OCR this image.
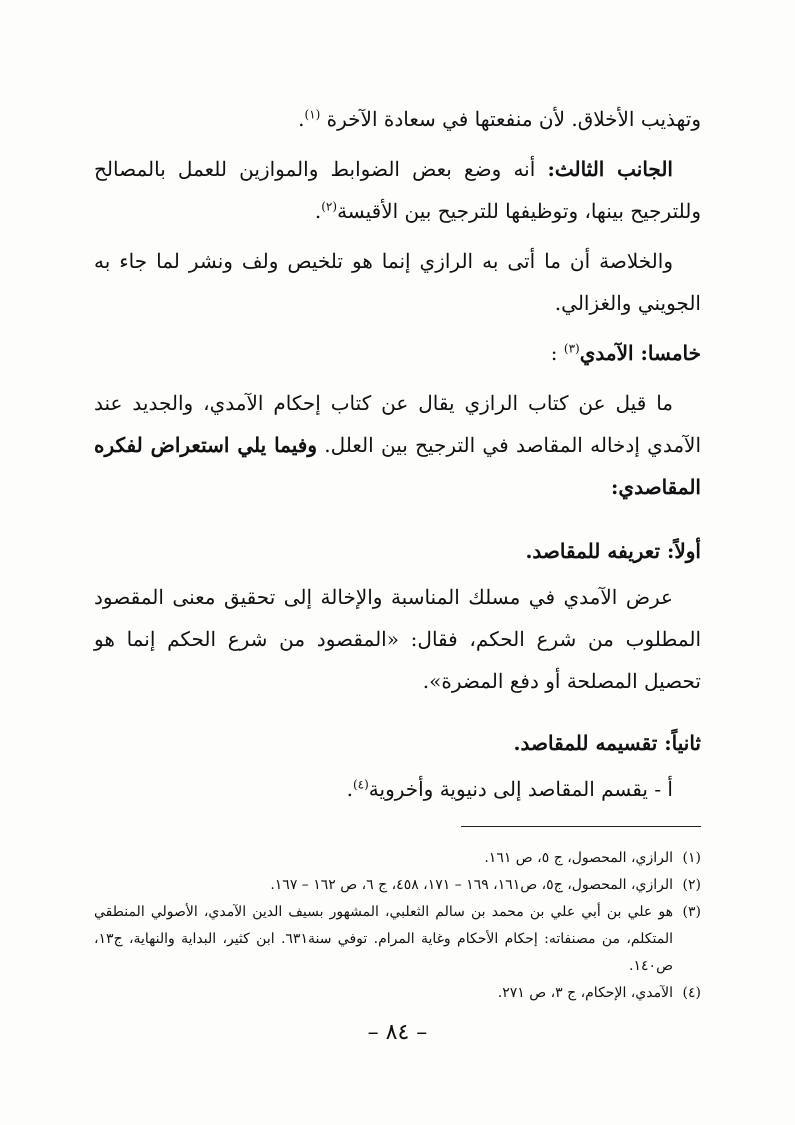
وتهذيب الأخلاق. لأن منفعتها في سعادة الآخرة $^{(١)}$.

الجانب الثالث: أنه وضع بعض الضوابط والموازين للعمل بالمصالح وللترجيح بينها، وتوظيفها للترجيح بين الأقيسة$^{(٢)}$.

والخلاصة أن ما أتى به الرازي إنما هو تلخيص ولف ونشر لما جاء به الجويني والغزالي.

خامسا: الآمدي$^{(٣)}$ :

ما قيل عن كتاب الرازي يقال عن كتاب إحكام الآمدي، والجديد عند الآمدي إدخاله المقاصد في الترجيح بين العلل. وفيما يلي استعراض لفكره المقاصدي:

أولاً: تعريفه للمقاصد.

عرض الآمدي في مسلك المناسبة والإخالة إلى تحقيق معنى المقصود المطلوب من شرع الحكم، فقال: «المقصود من شرع الحكم إنما هو تحصيل المصلحة أو دفع المضرة».

ثانياً: تقسيمه للمقاصد.

أ - يقسم المقاصد إلى دنيوية وأخروية$^{(٤)}$.

(١)
الرازي، المحصول، ج ٥، ص ١٦١.
(٢)
الرازي، المحصول، ج٥، ص١٦١، ١٦٩ – ١٧١، ٤٥٨، ج ٦، ص ١٦٢ – ١٦٧.
(٣)
هو علي بن أبي علي بن محمد بن سالم الثعلبي، المشهور بسيف الدين الآمدي، الأصولي المنطقي المتكلم، من مصنفاته: إحكام الأحكام وغاية المرام. توفي سنة٦٣١. ابن كثير، البداية والنهاية، ج١٣، ص١٤٠.
(٤)
الآمدي، الإحكام، ج ٣، ص ٢٧١.
– ٨٤ –
